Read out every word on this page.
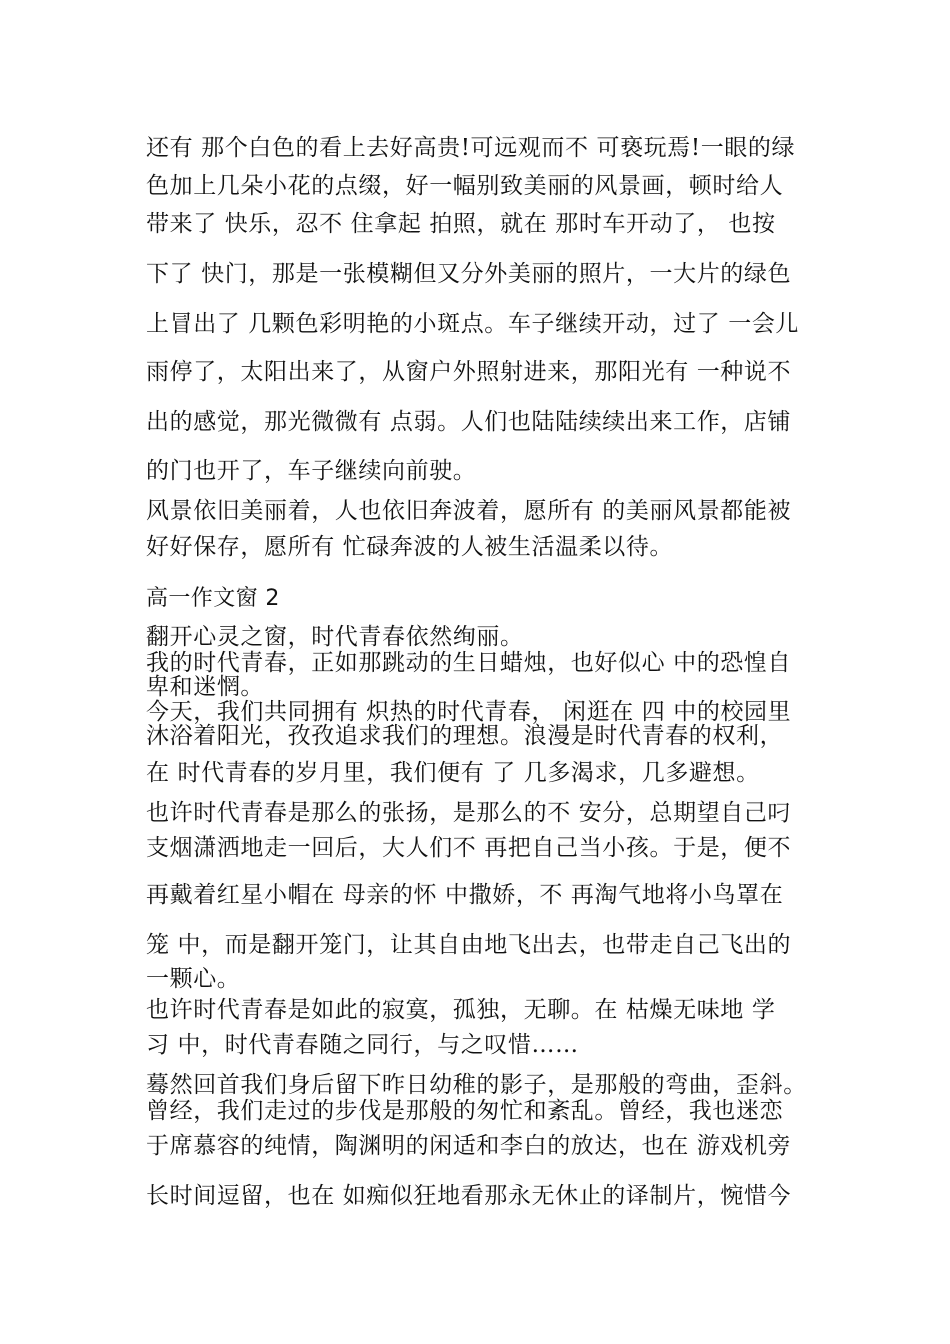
还有 那个白色的看上去好高贵!可远观而不 可亵玩焉!一眼的绿

色加上几朵小花的点缀，好一幅别致美丽的风景画，顿时给人

带来了 快乐，忍不 住拿起 拍照，就在 那时车开动了， 也按

下了 快门，那是一张模糊但又分外美丽的照片，一大片的绿色

上冒出了 几颗色彩明艳的小斑点。车子继续开动，过了 一会儿

雨停了，太阳出来了，从窗户外照射进来，那阳光有 一种说不

出的感觉，那光微微有 点弱。人们也陆陆续续出来工作，店铺

的门也开了，车子继续向前驶。

风景依旧美丽着，人也依旧奔波着，愿所有 的美丽风景都能被

好好保存，愿所有 忙碌奔波的人被生活温柔以待。

高一作文窗 2

翻开心灵之窗，时代青春依然绚丽。

我的时代青春，正如那跳动的生日蜡烛，也好似心 中的恐惶自

卑和迷惘。

今天，我们共同拥有 炽热的时代青春， 闲逛在 四 中的校园里

沐浴着阳光，孜孜追求我们的理想。浪漫是时代青春的权利，

在 时代青春的岁月里，我们便有 了 几多渴求，几多避想。

也许时代青春是那么的张扬，是那么的不 安分，总期望自己叼

支烟潇洒地走一回后，大人们不 再把自己当小孩。于是，便不

再戴着红星小帽在 母亲的怀 中撒娇，不 再淘气地将小鸟罩在

笼 中，而是翻开笼门，让其自由地飞出去，也带走自己飞出的

一颗心。

也许时代青春是如此的寂寞，孤独，无聊。在 枯燥无味地 学

习 中，时代青春随之同行，与之叹惜……

蓦然回首我们身后留下昨日幼稚的影子，是那般的弯曲，歪斜。

曾经，我们走过的步伐是那般的匆忙和紊乱。曾经，我也迷恋

于席慕容的纯情，陶渊明的闲适和李白的放达，也在 游戏机旁

长时间逗留，也在 如痴似狂地看那永无休止的译制片，惋惜今
